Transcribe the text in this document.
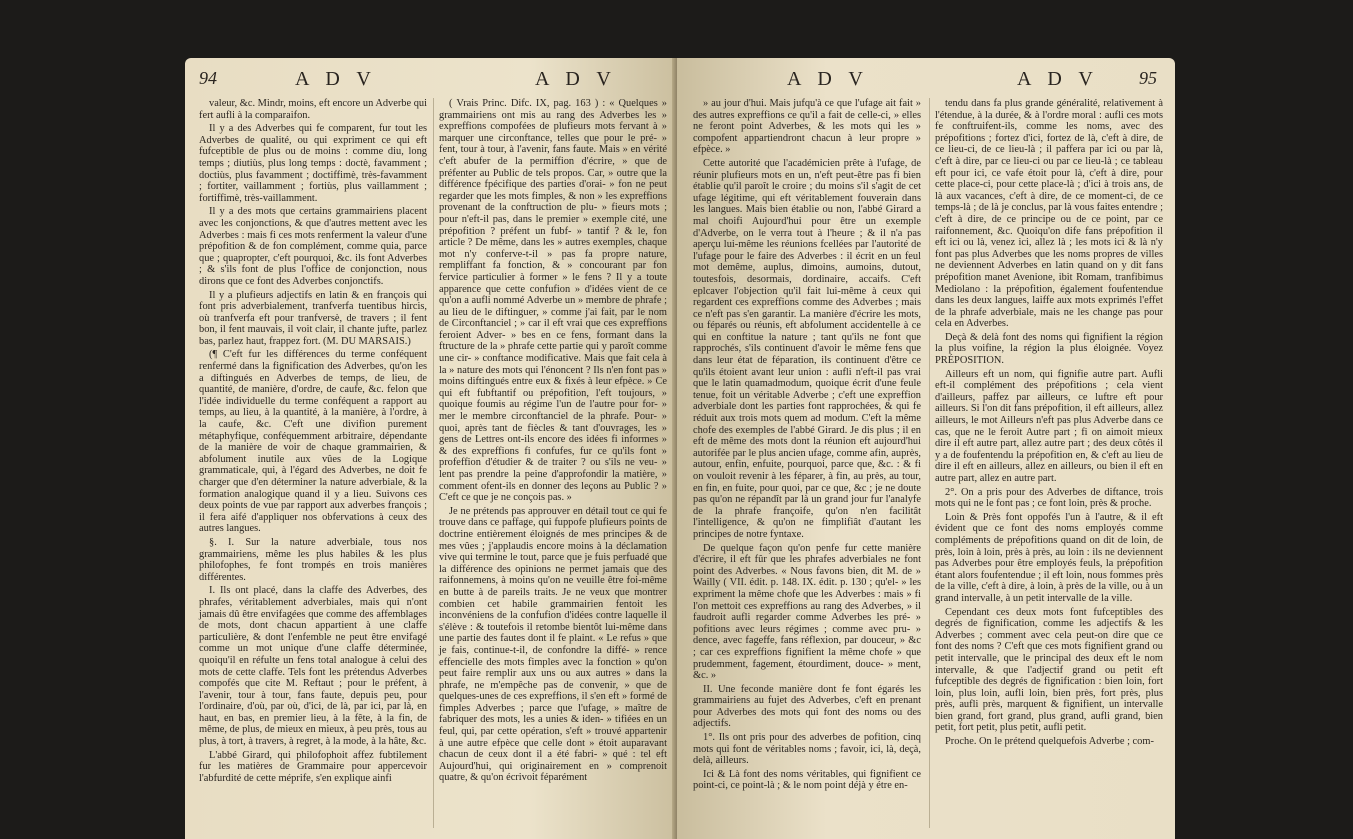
94	A D V	A D V

valeur, &c. Mindr, moins, eft encore un Adverbe qui fert aufli à la comparaifon.

Il y a des Adverbes qui fe comparent, fur tout les Adverbes de qualité, ou qui expriment ce qui eft fufceptible de plus ou de moins : comme diu, long temps ; diutiùs, plus long temps : doctè, favamment ; doctiùs, plus favamment ; doctiffimè, très-favamment ; fortiter, vaillamment ; fortiùs, plus vaillamment ; fortiffimè, très-vaillamment.

Il y a des mots que certains grammairiens placent avec les conjonctions, & que d'autres mettent avec les Adverbes : mais fi ces mots renferment la valeur d'une prépofition & de fon complément, comme quia, parce que ; quapropter, c'eft pourquoi, &c. ils font Adverbes ; & s'ils font de plus l'office de conjonction, nous dirons que ce font des Adverbes conjonctifs.

Il y a plufieurs adjectifs en latin & en françois qui font pris adverbialement, tranfverfa tuentibus hircis, où tranfverfa eft pour tranfversè, de travers ; il fent bon, il fent mauvais, il voit clair, il chante jufte, parlez bas, parlez haut, frappez fort. (M. DU MARSAIS.)

(¶ C'eft fur les différences du terme conféquent renfermé dans la fignification des Adverbes, qu'on les a diftingués en Adverbes de temps, de lieu, de quantité, de manière, d'ordre, de caufe, &c. felon que l'idée individuelle du terme conféquent a rapport au temps, au lieu, à la quantité, à la manière, à l'ordre, à la caufe, &c. C'eft une divifion purement métaphyfique, conféquemment arbitraire, dépendante de la manière de voir de chaque grammairien, & abfolument inutile aux vûes de la Logique grammaticale, qui, à l'égard des Adverbes, ne doit fe charger que d'en déterminer la nature adverbiale, & la formation analogique quand il y a lieu. Suivons ces deux points de vue par rapport aux adverbes françois ; il fera aifé d'appliquer nos obfervations à ceux des autres langues.

§. I. Sur la nature adverbiale, tous nos grammairiens, même les plus habiles & les plus philofophes, fe font trompés en trois manières différentes.

I. Ils ont placé, dans la claffe des Adverbes, des phrafes, véritablement adverbiales, mais qui n'ont jamais dû être envifagées que comme des affemblages de mots, dont chacun appartient à une claffe particulière, & dont l'enfemble ne peut être envifagé comme un mot unique d'une claffe déterminée, quoiqu'il en réfulte un fens total analogue à celui des mots de cette claffe. Tels font les prétendus Adverbes compofés que cite M. Reftaut ; pour le préfent, à l'avenir, tour à tour, fans faute, depuis peu, pour l'ordinaire, d'où, par où, d'ici, de là, par ici, par là, en haut, en bas, en premier lieu, à la fête, à la fin, de même, de plus, de mieux en mieux, à peu près, tous au plus, à tort, à travers, à regret, à la mode, à la hâte, &c.

L'abbé Girard, qui philofophoit affez fubtilement fur les matières de Grammaire pour appercevoir l'abfurdité de cette méprife, s'en explique ainfi

( Vrais Princ. Difc. IX, pag. 163 ) : « Quelques » grammairiens ont mis au rang des Adverbes les » expreffions compofées de plufieurs mots fervant à » marquer une circonftance, telles que pour le pré- » fent, tour à tour, à l'avenir, fans faute. Mais » en vérité c'eft abufer de la permiffion d'écrire, » que de préfenter au Public de tels propos. Car, » outre que la différence fpécifique des parties d'orai- » fon ne peut regarder que les mots fimples, & non » les expreffions provenant de la conftruction de plu- » fieurs mots ; pour n'eft-il pas, dans le premier » exemple cité, une prépofition ? préfent un fubf- » tantif ? & le, fon article ? De même, dans les » autres exemples, chaque mot n'y conferve-t-il » pas fa propre nature, rempliffant fa fonction, & » concourant par fon fervice particulier à former » le fens ? Il y a toute apparence que cette confufion » d'idées vient de ce qu'on a aufli nommé Adverbe un » membre de phrafe ; au lieu de le diftinguer, » comme j'ai fait, par le nom de Circonftanciel ; » car il eft vrai que ces expreffions feroient Adver- » bes en ce fens, formant dans la ftructure de la » phrafe cette partie qui y paroît comme une cir- » conftance modificative. Mais que fait cela à la » nature des mots qui l'énoncent ? Ils n'en font pas » moins diftingués entre eux & fixés à leur efpèce. » Ce qui eft fubftantif ou prépofition, l'eft toujours, » quoique foumis au régime l'un de l'autre pour for- » mer le membre circonftanciel de la phrafe. Pour- » quoi, après tant de fiècles & tant d'ouvrages, les » gens de Lettres ont-ils encore des idées fi informes » & des expreffions fi confufes, fur ce qu'ils font » profeffion d'étudier & de traiter ? ou s'ils ne veu- » lent pas prendre la peine d'approfondir la matière, » comment ofent-ils en donner des leçons au Public ? » C'eft ce que je ne conçois pas. »

Je ne prétends pas approuver en détail tout ce qui fe trouve dans ce paffage, qui fuppofe plufieurs points de doctrine entièrement éloignés de mes principes & de mes vûes ; j'applaudis encore moins à la déclamation vive qui termine le tout, parce que je fuis perfuadé que la différence des opinions ne permet jamais que des raifonnemens, à moins qu'on ne veuille être foi-même en butte à de pareils traits. Je ne veux que montrer combien cet habile grammairien fentoit les inconvéniens de la confufion d'idées contre laquelle il s'élève : & toutefois il retombe bientôt lui-même dans une partie des fautes dont il fe plaint. « Le refus » que je fais, continue-t-il, de confondre la diffé- » rence effencielle des mots fimples avec la fonction » qu'on peut faire remplir aux uns ou aux autres » dans la phrafe, ne m'empêche pas de convenir, » que de quelques-unes de ces expreffions, il s'en eft » formé de fimples Adverbes ; parce que l'ufage, » maître de fabriquer des mots, les a unies & iden- » tifiées en un feul, qui, par cette opération, s'eft » trouvé appartenir à une autre efpèce que celle dont » étoit auparavant chacun de ceux dont il a été fabri- » qué : tel eft Aujourd'hui, qui originairement en » comprenoit quatre, & qu'on écrivoit féparément

A D V	A D V 95

» au jour d'hui. Mais jufqu'à ce que l'ufage ait fait » des autres expreffions ce qu'il a fait de celle-ci, » elles ne feront point Adverbes, & les mots qui les » compofent appartiendront chacun à leur propre » efpèce. »

Cette autorité que l'académicien prête à l'ufage, de réunir plufieurs mots en un, n'eft peut-être pas fi bien établie qu'il paroît le croire ; du moins s'il s'agit de cet ufage légitime, qui eft véritablement fouverain dans les langues. Mais bien établie ou non, l'abbé Girard a mal choifi Aujourd'hui pour être un exemple d'Adverbe, on le verra tout à l'heure ; & il n'a pas aperçu lui-même les réunions fcellées par l'autorité de l'ufage pour le faire des Adverbes : il écrit en un feul mot demême, auplus, dimoins, aumoins, dutout, toutesfois, desormais, dordinaire, accaifs. C'eft eplcaver l'objection qu'il fait lui-même à ceux qui regardent ces expreffions comme des Adverbes ; mais ce n'eft pas s'en garantir. La manière d'écrire les mots, ou féparés ou réunis, eft abfolument accidentelle à ce qui en conftitue la nature ; tant qu'ils ne font que rapprochés, s'ils continuent d'avoir le même fens que dans leur état de féparation, ils continuent d'être ce qu'ils étoient avant leur union : aufli n'eft-il pas vrai que le latin quamadmodum, quoique écrit d'une feule tenue, foit un véritable Adverbe ; c'eft une expreffion adverbiale dont les parties font rapprochées, & qui fe réduit aux trois mots quem ad modum. C'eft la même chofe des exemples de l'abbé Girard. Je dis plus ; il en eft de même des mots dont la réunion eft aujourd'hui autorifée par le plus ancien ufage, comme afin, auprès, autour, enfin, enfuite, pourquoi, parce que, &c. : & fi on vouloit revenir à les féparer, à fin, au près, au tour, en fin, en fuite, pour quoi, par ce que, &c ; je ne doute pas qu'on ne répandît par là un grand jour fur l'analyfe de la phrafe françoife, qu'on n'en facilitât l'intelligence, & qu'on ne fimplifiât d'autant les principes de notre fyntaxe.

De quelque façon qu'on penfe fur cette manière d'écrire, il eft fûr que les phrafes adverbiales ne font point des Adverbes. « Nous favons bien, dit M. de » Wailly ( VII. édit. p. 148. IX. édit. p. 130 ; qu'el- » les expriment la même chofe que les Adverbes : mais » fi l'on mettoit ces expreffions au rang des Adverbes, » il faudroit aufli regarder comme Adverbes les pré- » pofitions avec leurs régimes ; comme avec pru- » dence, avec fageffe, fans réflexion, par douceur, » &c ; car ces expreffions fignifient la même chofe » que prudemment, fagement, étourdiment, douce- » ment, &c. »

II. Une feconde manière dont fe font égarés les grammairiens au fujet des Adverbes, c'eft en prenant pour Adverbes des mots qui font des noms ou des adjectifs.

1°. Ils ont pris pour des adverbes de pofition, cinq mots qui font de véritables noms ; favoir, ici, là, deçà, delà, ailleurs.

Ici & Là font des noms véritables, qui fignifient ce point-ci, ce point-là ; & le nom point déjà y étre en-

tendu dans fa plus grande généralité, relativement à l'étendue, à la durée, & à l'ordre moral : aufli ces mots fe conftruifent-ils, comme les noms, avec des prépofitions ; fortez d'ici, fortez de là, c'eft à dire, de ce lieu-ci, de ce lieu-là ; il paffera par ici ou par là, c'eft à dire, par ce lieu-ci ou par ce lieu-là ; ce tableau eft pour ici, ce vafe étoit pour là, c'eft à dire, pour cette place-ci, pour cette place-là ; d'ici à trois ans, de là aux vacances, c'eft à dire, de ce moment-ci, de ce temps-là ; de là je conclus, par là vous faites entendre ; c'eft à dire, de ce principe ou de ce point, par ce raifonnement, &c. Quoiqu'on dife fans prépofition il eft ici ou là, venez ici, allez là ; les mots ici & là n'y font pas plus Adverbes que les noms propres de villes ne deviennent Adverbes en latin quand on y dit fans prépofition manet Avenione, ibit Romam, tranfibimus Mediolano : la prépofition, également foufentendue dans les deux langues, laiffe aux mots exprimés l'effet de la phrafe adverbiale, mais ne les change pas pour cela en Adverbes.

Deçà & delà font des noms qui fignifient la région la plus voifine, la région la plus éloignée. Voyez PRÉPOSITION.

Ailleurs eft un nom, qui fignifie autre part. Aufli eft-il complément des prépofitions ; cela vient d'ailleurs, paffez par ailleurs, ce luftre eft pour ailleurs. Si l'on dit fans prépofition, il eft ailleurs, allez ailleurs, le mot Ailleurs n'eft pas plus Adverbe dans ce cas, que ne le feroit Autre part ; fi on aimoit mieux dire il eft autre part, allez autre part ; des deux côtés il y a de foufentendu la prépofition en, & c'eft au lieu de dire il eft en ailleurs, allez en ailleurs, ou bien il eft en autre part, allez en autre part.

2°. On a pris pour des Adverbes de diftance, trois mots qui ne le font pas ; ce font loin, près & proche.

Loin & Près font oppofés l'un à l'autre, & il eft évident que ce font des noms employés comme compléments de prépofitions quand on dit de loin, de près, loin à loin, près à près, au loin : ils ne deviennent pas Adverbes pour être employés feuls, la prépofition étant alors foufentendue ; il eft loin, nous fommes près de la ville, c'eft à dire, à loin, à près de la ville, ou à un grand intervalle, à un petit intervalle de la ville.

Cependant ces deux mots font fufceptibles des degrés de fignification, comme les adjectifs & les Adverbes ; comment avec cela peut-on dire que ce font des noms ? C'eft que ces mots fignifient grand ou petit intervalle, que le principal des deux eft le nom intervalle, & que l'adjectif grand ou petit eft fufceptible des degrés de fignification : bien loin, fort loin, plus loin, aufli loin, bien près, fort près, plus près, aufli près, marquent & fignifient, un intervalle bien grand, fort grand, plus grand, aufli grand, bien petit, fort petit, plus petit, aufli petit.

Proche. On le prétend quelquefois Adverbe ; com-
